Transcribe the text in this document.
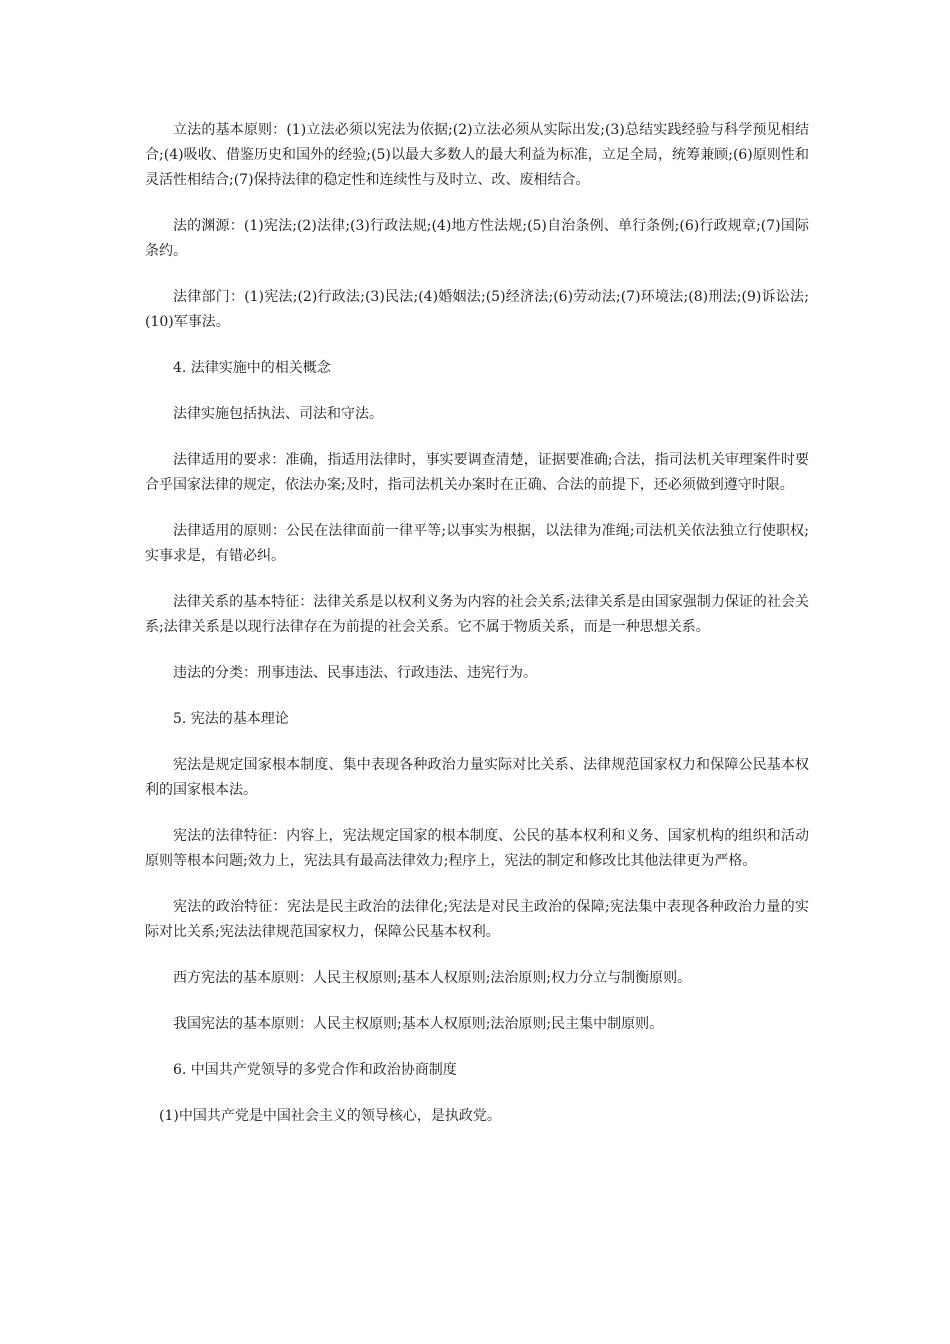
立法的基本原则：(1)立法必须以宪法为依据;(2)立法必须从实际出发;(3)总结实践经验与科学预见相结合;(4)吸收、借鉴历史和国外的经验;(5)以最大多数人的最大利益为标准，立足全局，统筹兼顾;(6)原则性和灵活性相结合;(7)保持法律的稳定性和连续性与及时立、改、废相结合。

法的渊源：(1)宪法;(2)法律;(3)行政法规;(4)地方性法规;(5)自治条例、单行条例;(6)行政规章;(7)国际条约。

法律部门：(1)宪法;(2)行政法;(3)民法;(4)婚姻法;(5)经济法;(6)劳动法;(7)环境法;(8)刑法;(9)诉讼法;(10)军事法。

4. 法律实施中的相关概念

法律实施包括执法、司法和守法。

法律适用的要求：准确，指适用法律时，事实要调查清楚，证据要准确;合法，指司法机关审理案件时要合乎国家法律的规定，依法办案;及时，指司法机关办案时在正确、合法的前提下，还必须做到遵守时限。

法律适用的原则：公民在法律面前一律平等;以事实为根据，以法律为准绳;司法机关依法独立行使职权;实事求是，有错必纠。

法律关系的基本特征：法律关系是以权利义务为内容的社会关系;法律关系是由国家强制力保证的社会关系;法律关系是以现行法律存在为前提的社会关系。它不属于物质关系，而是一种思想关系。

违法的分类：刑事违法、民事违法、行政违法、违宪行为。

5. 宪法的基本理论

宪法是规定国家根本制度、集中表现各种政治力量实际对比关系、法律规范国家权力和保障公民基本权利的国家根本法。

宪法的法律特征：内容上，宪法规定国家的根本制度、公民的基本权利和义务、国家机构的组织和活动原则等根本问题;效力上，宪法具有最高法律效力;程序上，宪法的制定和修改比其他法律更为严格。

宪法的政治特征：宪法是民主政治的法律化;宪法是对民主政治的保障;宪法集中表现各种政治力量的实际对比关系;宪法法律规范国家权力，保障公民基本权利。

西方宪法的基本原则：人民主权原则;基本人权原则;法治原则;权力分立与制衡原则。

我国宪法的基本原则：人民主权原则;基本人权原则;法治原则;民主集中制原则。

6. 中国共产党领导的多党合作和政治协商制度

(1)中国共产党是中国社会主义的领导核心，是执政党。
